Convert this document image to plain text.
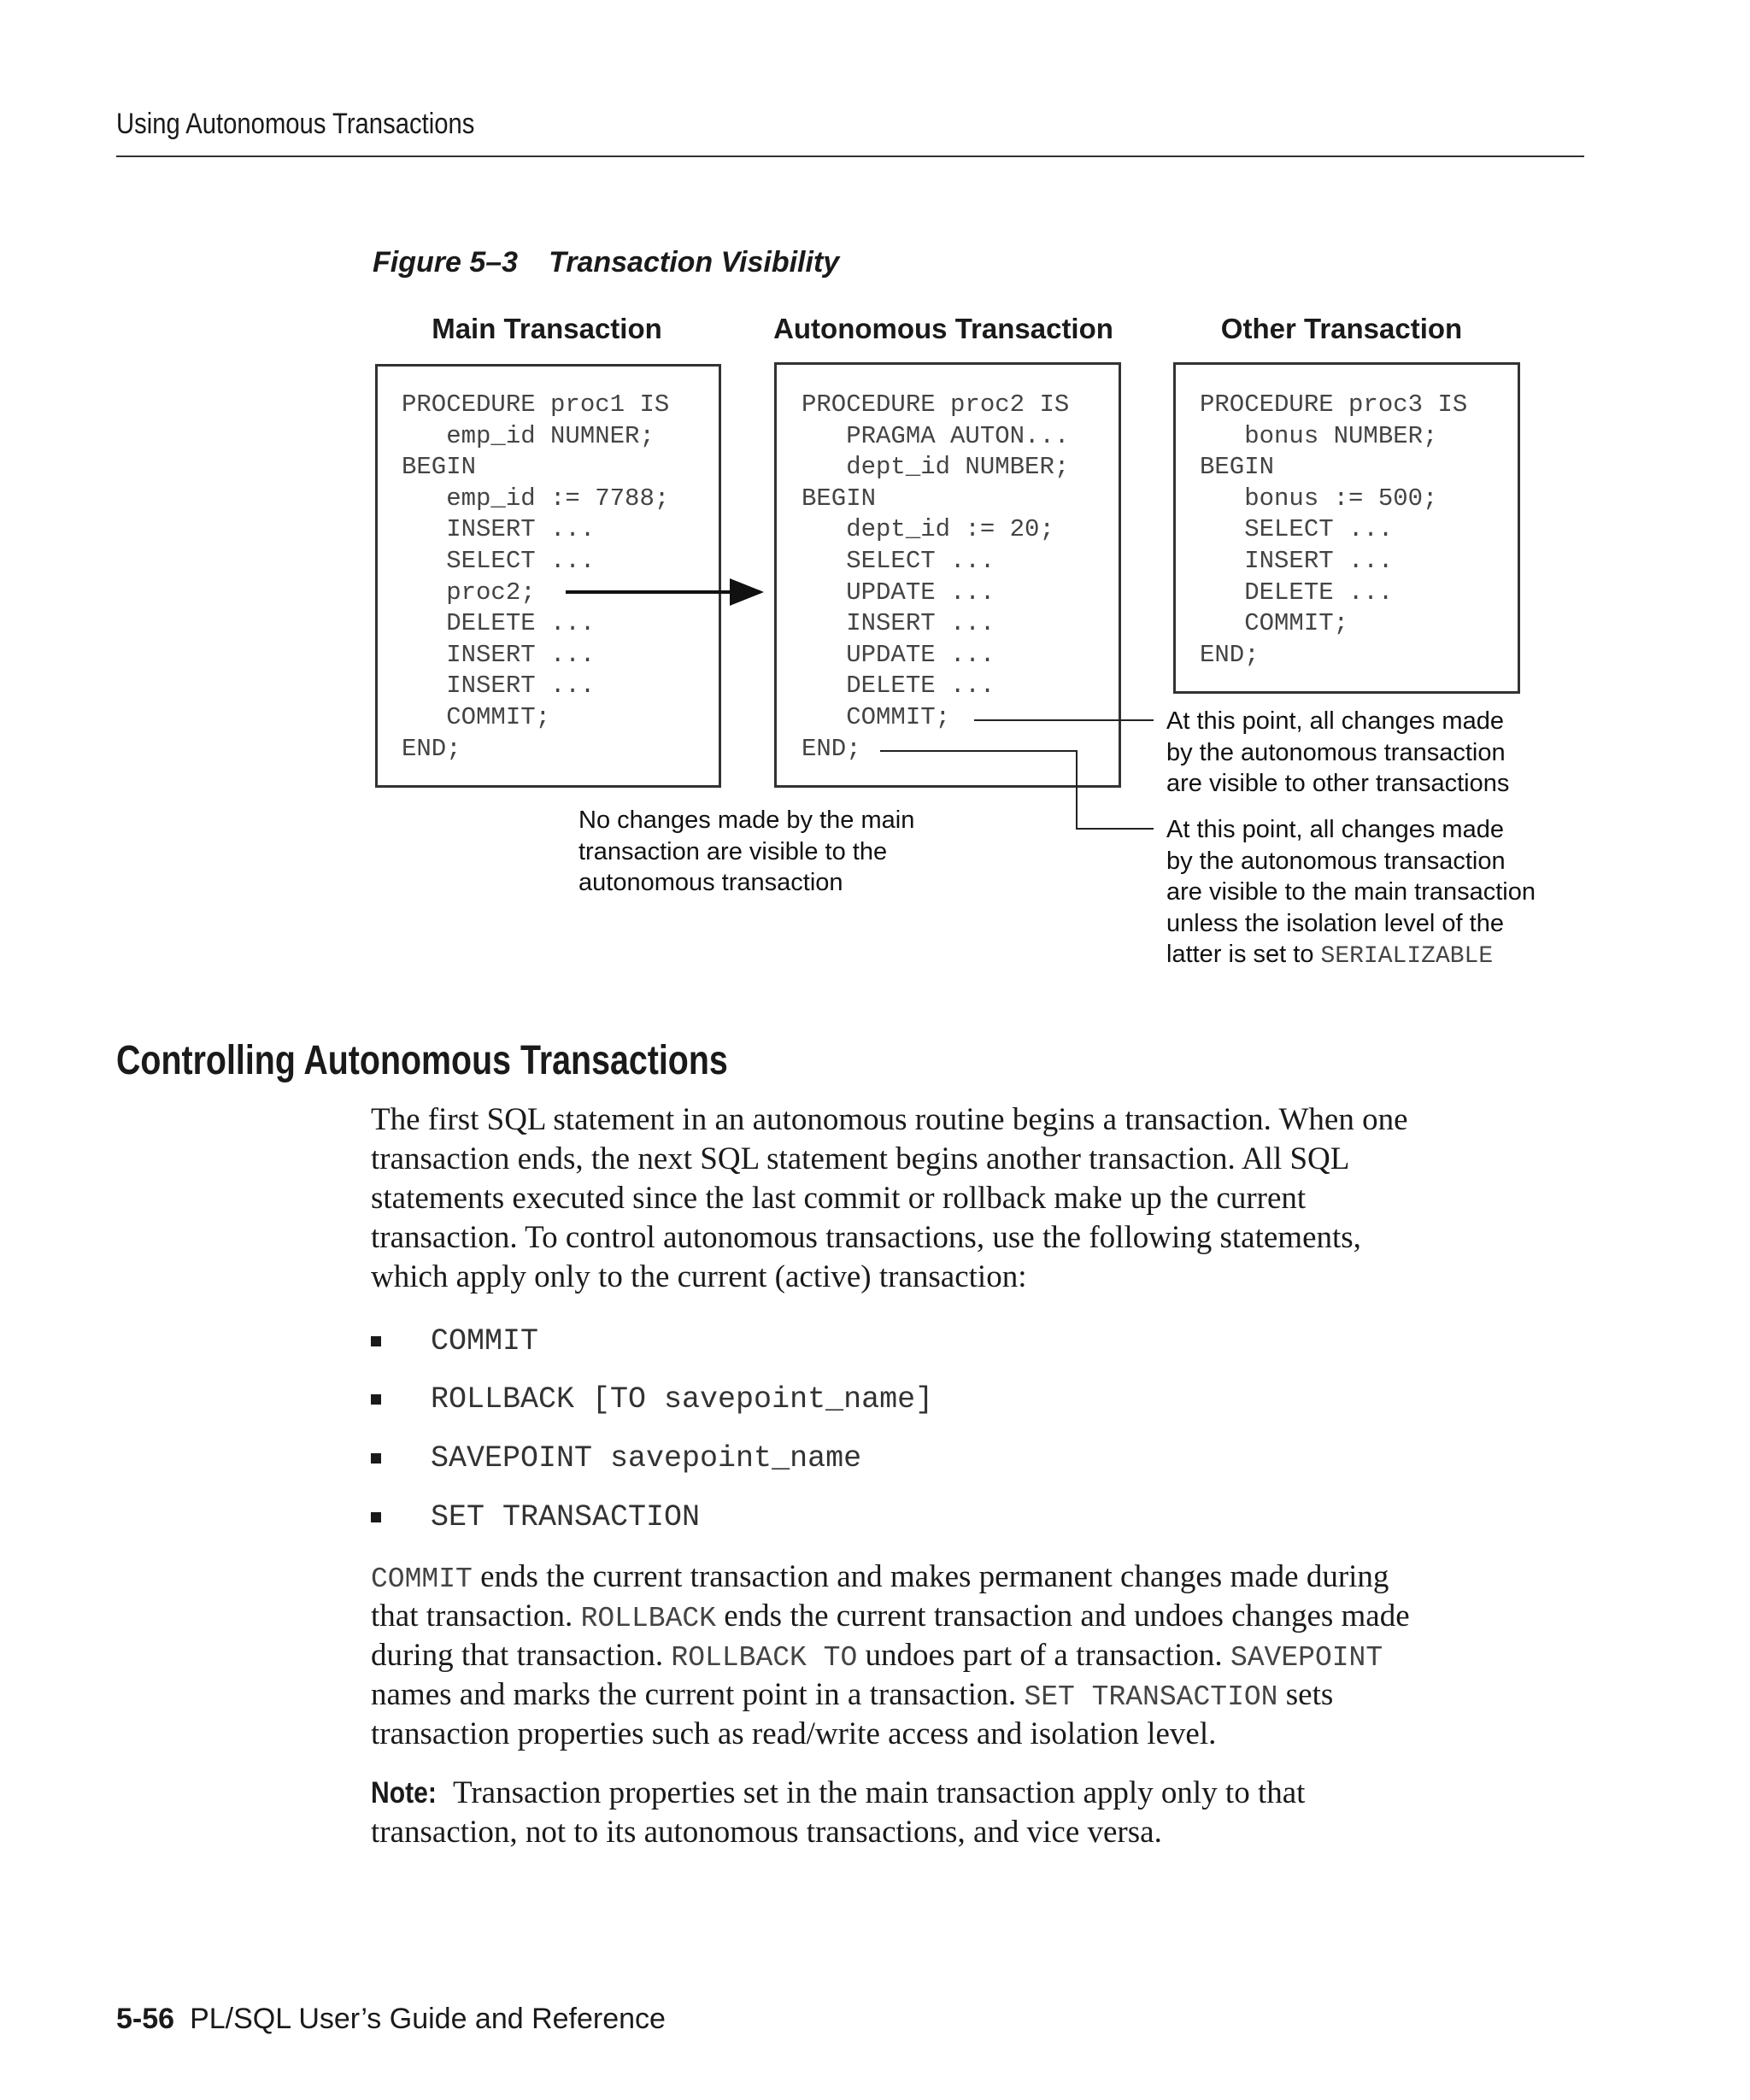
Using Autonomous Transactions
Figure 5–3 Transaction Visibility
Main Transaction	Autonomous Transaction	Other Transaction
PROCEDURE proc1 IS
emp_id NUMNER;
BEGIN
emp_id := 7788;
INSERT ...
SELECT ...
proc2;
DELETE ...
INSERT ...
INSERT ...
COMMIT;
END;
PROCEDURE proc2 IS
PRAGMA AUTON...
dept_id NUMBER;
BEGIN
dept_id := 20;
SELECT ...
UPDATE ...
INSERT ...
UPDATE ...
DELETE ...
COMMIT;
END;
PROCEDURE proc3 IS
bonus NUMBER;
BEGIN
bonus := 500;
SELECT ...
INSERT ...
DELETE ...
COMMIT;
END;
At this point, all changes made
by the autonomous transaction
are visible to other transactions
At this point, all changes made
by the autonomous transaction
are visible to the main transaction
unless the isolation level of the
latter is set to SERIALIZABLE
No changes made by the main
transaction are visible to the
autonomous transaction
Controlling Autonomous Transactions
The first SQL statement in an autonomous routine begins a transaction. When one
transaction ends, the next SQL statement begins another transaction. All SQL
statements executed since the last commit or rollback make up the current
transaction. To control autonomous transactions, use the following statements,
which apply only to the current (active) transaction:
COMMIT
ROLLBACK [TO savepoint_name]
SAVEPOINT savepoint_name
SET TRANSACTION
COMMIT ends the current transaction and makes permanent changes made during
that transaction. ROLLBACK ends the current transaction and undoes changes made
during that transaction. ROLLBACK TO undoes part of a transaction. SAVEPOINT
names and marks the current point in a transaction. SET TRANSACTION sets
transaction properties such as read/write access and isolation level.
Note: Transaction properties set in the main transaction apply only to that
transaction, not to its autonomous transactions, and vice versa.
5-56 PL/SQL User’s Guide and Reference
